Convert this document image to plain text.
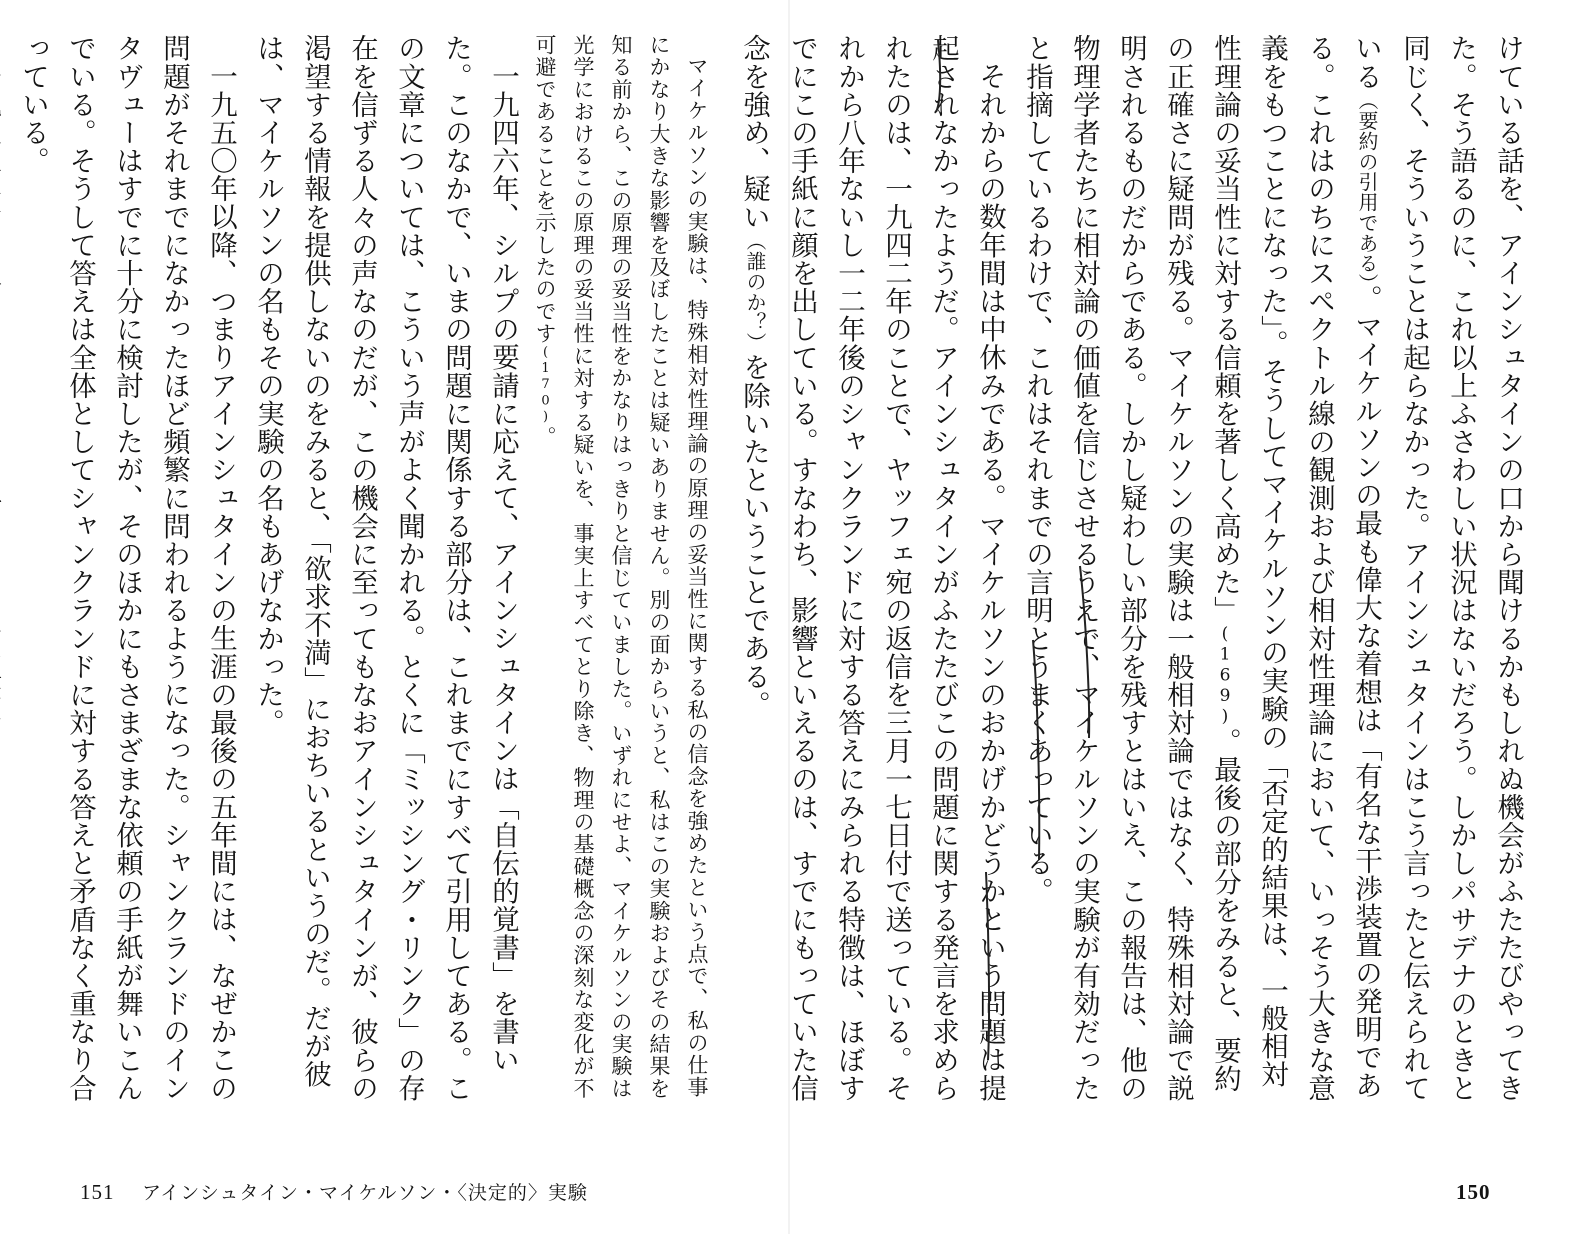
けている話を、アインシュタインの口から聞けるかもしれぬ機会がふたたびやってきた。そう語るのに、これ以上ふさわしい状況はないだろう。しかしパサデナのときと同じく、そういうことは起らなかった。アインシュタインはこう言ったと伝えられている（要約の引用である）。マイケルソンの最も偉大な着想は「有名な干渉装置の発明である。これはのちにスペクトル線の観測および相対性理論において、いっそう大きな意義をもつことになった」。そうしてマイケルソンの実験の「否定的結果は、一般相対性理論の妥当性に対する信頼を著しく高めた」(169)。最後の部分をみると、要約の正確さに疑問が残る。マイケルソンの実験は一般相対論ではなく、特殊相対論で説明されるものだからである。しかし疑わしい部分を残すとはいえ、この報告は、他の物理学者たちに相対論の価値を信じさせるうえで、マイケルソンの実験が有効だったと指摘しているわけで、これはそれまでの言明とうまくあっている。

それからの数年間は中休みである。マイケルソンのおかげかどうかという問題は提起されなかったようだ。アインシュタインがふたたびこの問題に関する発言を求められたのは、一九四二年のことで、ヤッフェ宛の返信を三月一七日付で送っている。それから八年ないし一二年後のシャンクランドに対する答えにみられる特徴は、ほぼすでにこの手紙に顔を出している。すなわち、影響といえるのは、すでにもっていた信念を強め、疑い（誰のか？）を除いたということである。

150

マイケルソンの実験は、特殊相対性理論の原理の妥当性に関する私の信念を強めたという点で、私の仕事にかなり大きな影響を及ぼしたことは疑いありません。別の面からいうと、私はこの実験およびその結果を知る前から、この原理の妥当性をかなりはっきりと信じていました。いずれにせよ、マイケルソンの実験は光学におけるこの原理の妥当性に対する疑いを、事実上すべてとり除き、物理の基礎概念の深刻な変化が不可避であることを示したのです(170)。

一九四六年、シルプの要請に応えて、アインシュタインは「自伝的覚書」を書いた。このなかで、いまの問題に関係する部分は、これまでにすべて引用してある。この文章については、こういう声がよく聞かれる。とくに「ミッシング・リンク」の存在を信ずる人々の声なのだが、この機会に至ってもなおアインシュタインが、彼らの渇望する情報を提供しないのをみると、「欲求不満」におちいるというのだ。だが彼は、マイケルソンの名もその実験の名もあげなかった。

一九五〇年以降、つまりアインシュタインの生涯の最後の五年間には、なぜかこの問題がそれまでになかったほど頻繁に問われるようになった。シャンクランドのインタヴューはすでに十分に検討したが、そのほかにもさまざまな依頼の手紙が舞いこんでいる。そうして答えは全体としてシャンクランドに対する答えと矛盾なく重なり合っている。

151 アインシュタイン・マイケルソン・〈決定的〉実験
